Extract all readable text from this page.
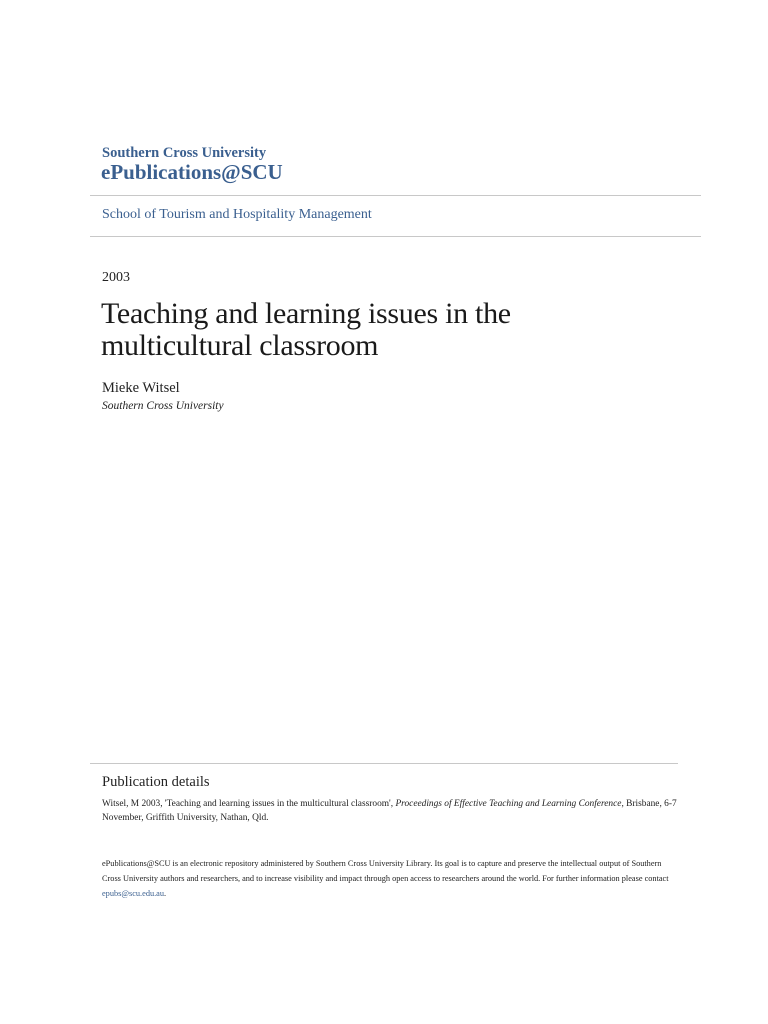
Southern Cross University
ePublications@SCU
School of Tourism and Hospitality Management
2003
Teaching and learning issues in the multicultural classroom
Mieke Witsel
Southern Cross University
Publication details
Witsel, M 2003, 'Teaching and learning issues in the multicultural classroom', Proceedings of Effective Teaching and Learning Conference, Brisbane, 6-7 November, Griffith University, Nathan, Qld.
ePublications@SCU is an electronic repository administered by Southern Cross University Library. Its goal is to capture and preserve the intellectual output of Southern Cross University authors and researchers, and to increase visibility and impact through open access to researchers around the world. For further information please contact epubs@scu.edu.au.
